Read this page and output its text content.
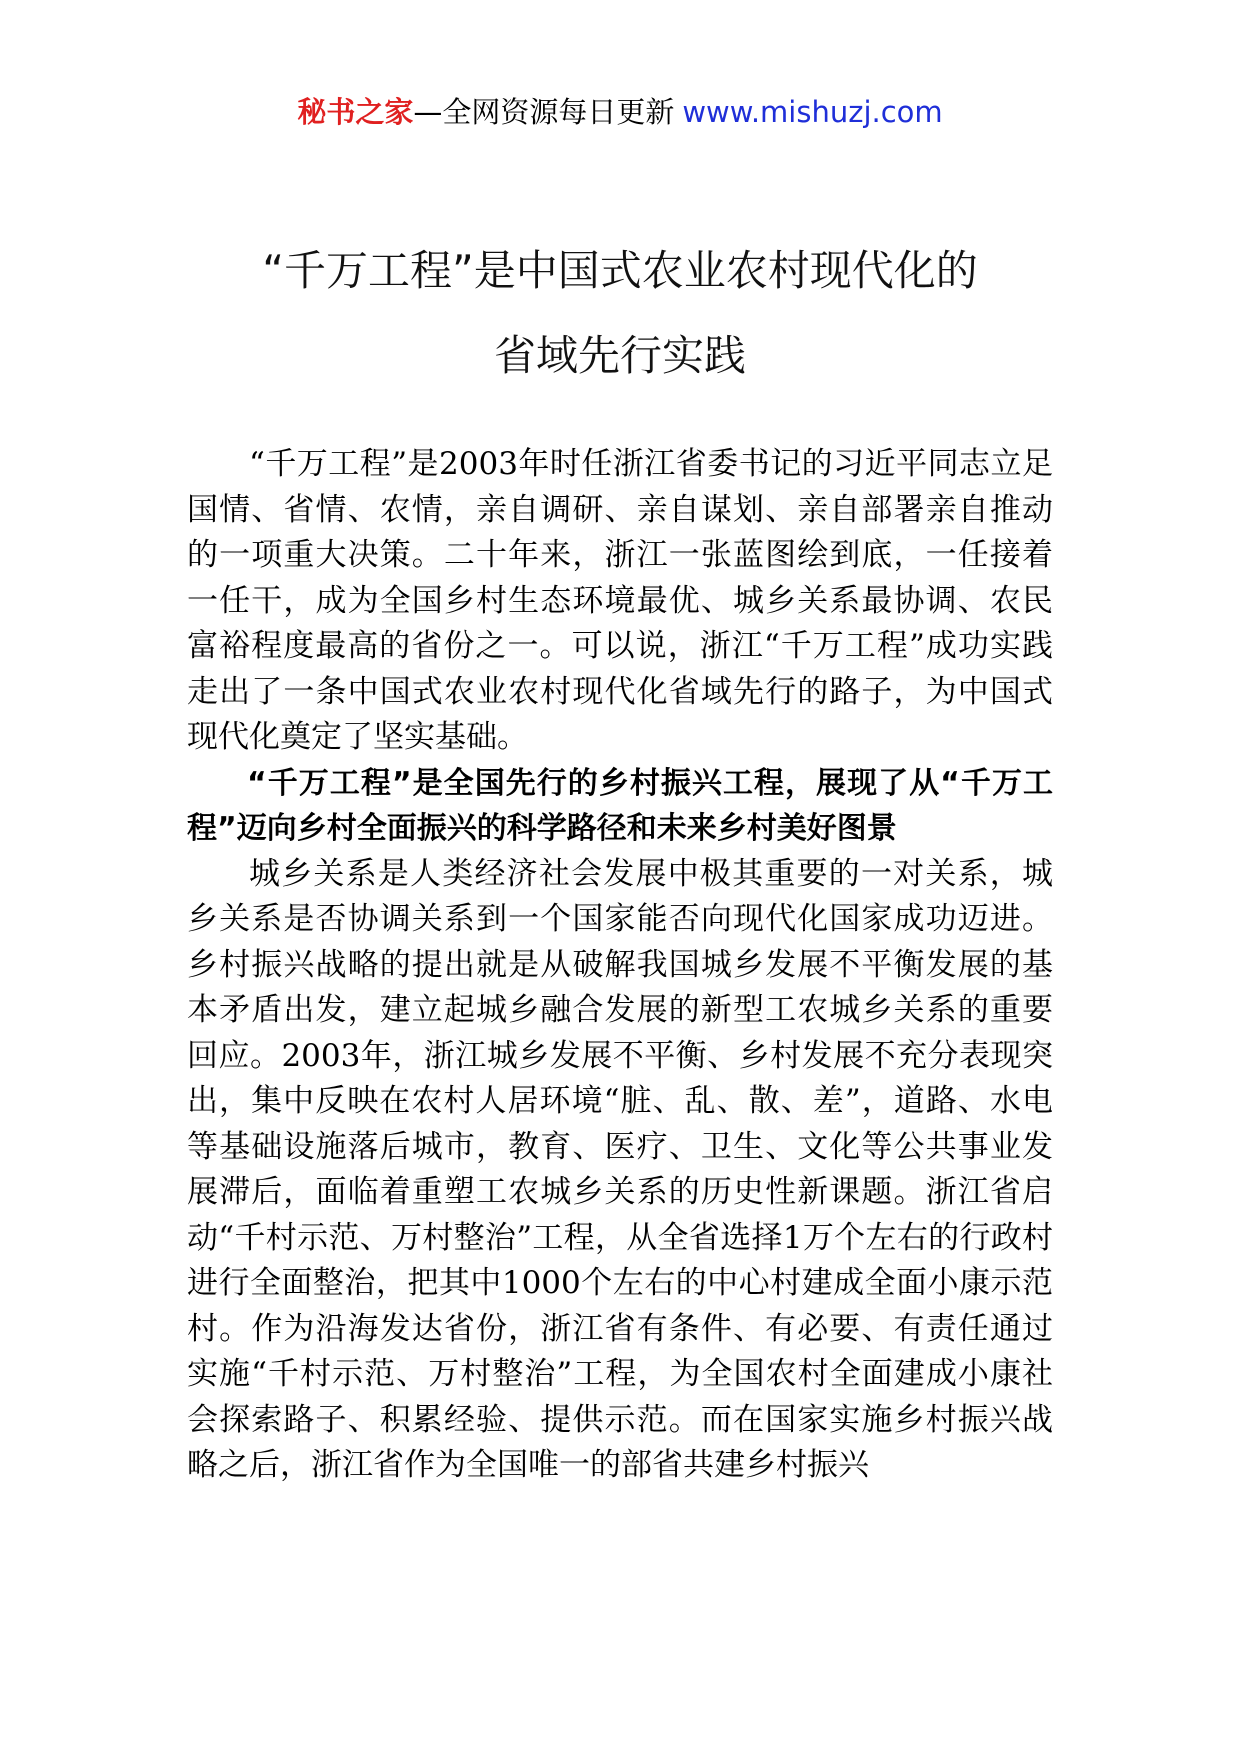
秘书之家—全网资源每日更新 www.mishuzj.com
“千万工程”是中国式农业农村现代化的
省域先行实践

“千万工程”是2003年时任浙江省委书记的习近平同志立足国情、省情、农情，亲自调研、亲自谋划、亲自部署亲自推动的一项重大决策。二十年来，浙江一张蓝图绘到底，一任接着一任干，成为全国乡村生态环境最优、城乡关系最协调、农民富裕程度最高的省份之一。可以说，浙江“千万工程”成功实践走出了一条中国式农业农村现代化省域先行的路子，为中国式现代化奠定了坚实基础。

“千万工程”是全国先行的乡村振兴工程，展现了从“千万工程”迈向乡村全面振兴的科学路径和未来乡村美好图景

城乡关系是人类经济社会发展中极其重要的一对关系，城乡关系是否协调关系到一个国家能否向现代化国家成功迈进。乡村振兴战略的提出就是从破解我国城乡发展不平衡发展的基本矛盾出发，建立起城乡融合发展的新型工农城乡关系的重要回应。2003年，浙江城乡发展不平衡、乡村发展不充分表现突出，集中反映在农村人居环境“脏、乱、散、差”，道路、水电等基础设施落后城市，教育、医疗、卫生、文化等公共事业发展滞后，面临着重塑工农城乡关系的历史性新课题。浙江省启动“千村示范、万村整治”工程，从全省选择1万个左右的行政村进行全面整治，把其中1000个左右的中心村建成全面小康示范村。作为沿海发达省份，浙江省有条件、有必要、有责任通过实施“千村示范、万村整治”工程，为全国农村全面建成小康社会探索路子、积累经验、提供示范。而在国家实施乡村振兴战略之后，浙江省作为全国唯一的部省共建乡村振兴
